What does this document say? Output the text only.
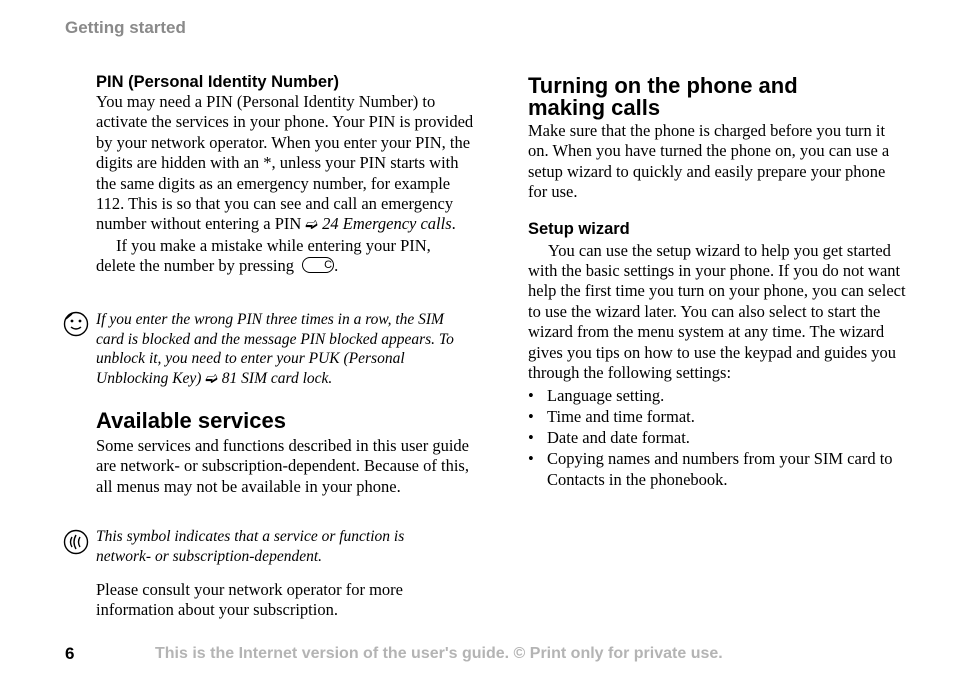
Getting started
PIN (Personal Identity Number)

You may need a PIN (Personal Identity Number) to activate the services in your phone. Your PIN is provided by your network operator. When you enter your PIN, the digits are hidden with an *, unless your PIN starts with the same digits as an emergency number, for example 112. This is so that you can see and call an emergency number without entering a PIN ➫ 24 Emergency calls.

If you make a mistake while entering your PIN, delete the number by pressing	C .

If you enter the wrong PIN three times in a row, the SIM card is blocked and the message PIN blocked appears. To unblock it, you need to enter your PUK (Personal Unblocking Key) ➫ 81 SIM card lock.
Available services

Some services and functions described in this user guide are network- or subscription-dependent. Because of this, all menus may not be available in your phone.

This symbol indicates that a service or function is network- or subscription-dependent.

Please consult your network operator for more information about your subscription.

Turning on the phone and
making calls

Make sure that the phone is charged before you turn it on. When you have turned the phone on, you can use a setup wizard to quickly and easily prepare your phone for use.

Setup wizard

You can use the setup wizard to help you get started with the basic settings in your phone. If you do not want help the first time you turn on your phone, you can select to use the wizard later. You can also select to start the wizard from the menu system at any time. The wizard gives you tips on how to use the keypad and guides you through the following settings:

• Language setting.
• Time and time format.
• Date and date format.
• Copying names and numbers from your SIM card to Contacts in the phonebook.
6	This is the Internet version of the user's guide. © Print only for private use.
